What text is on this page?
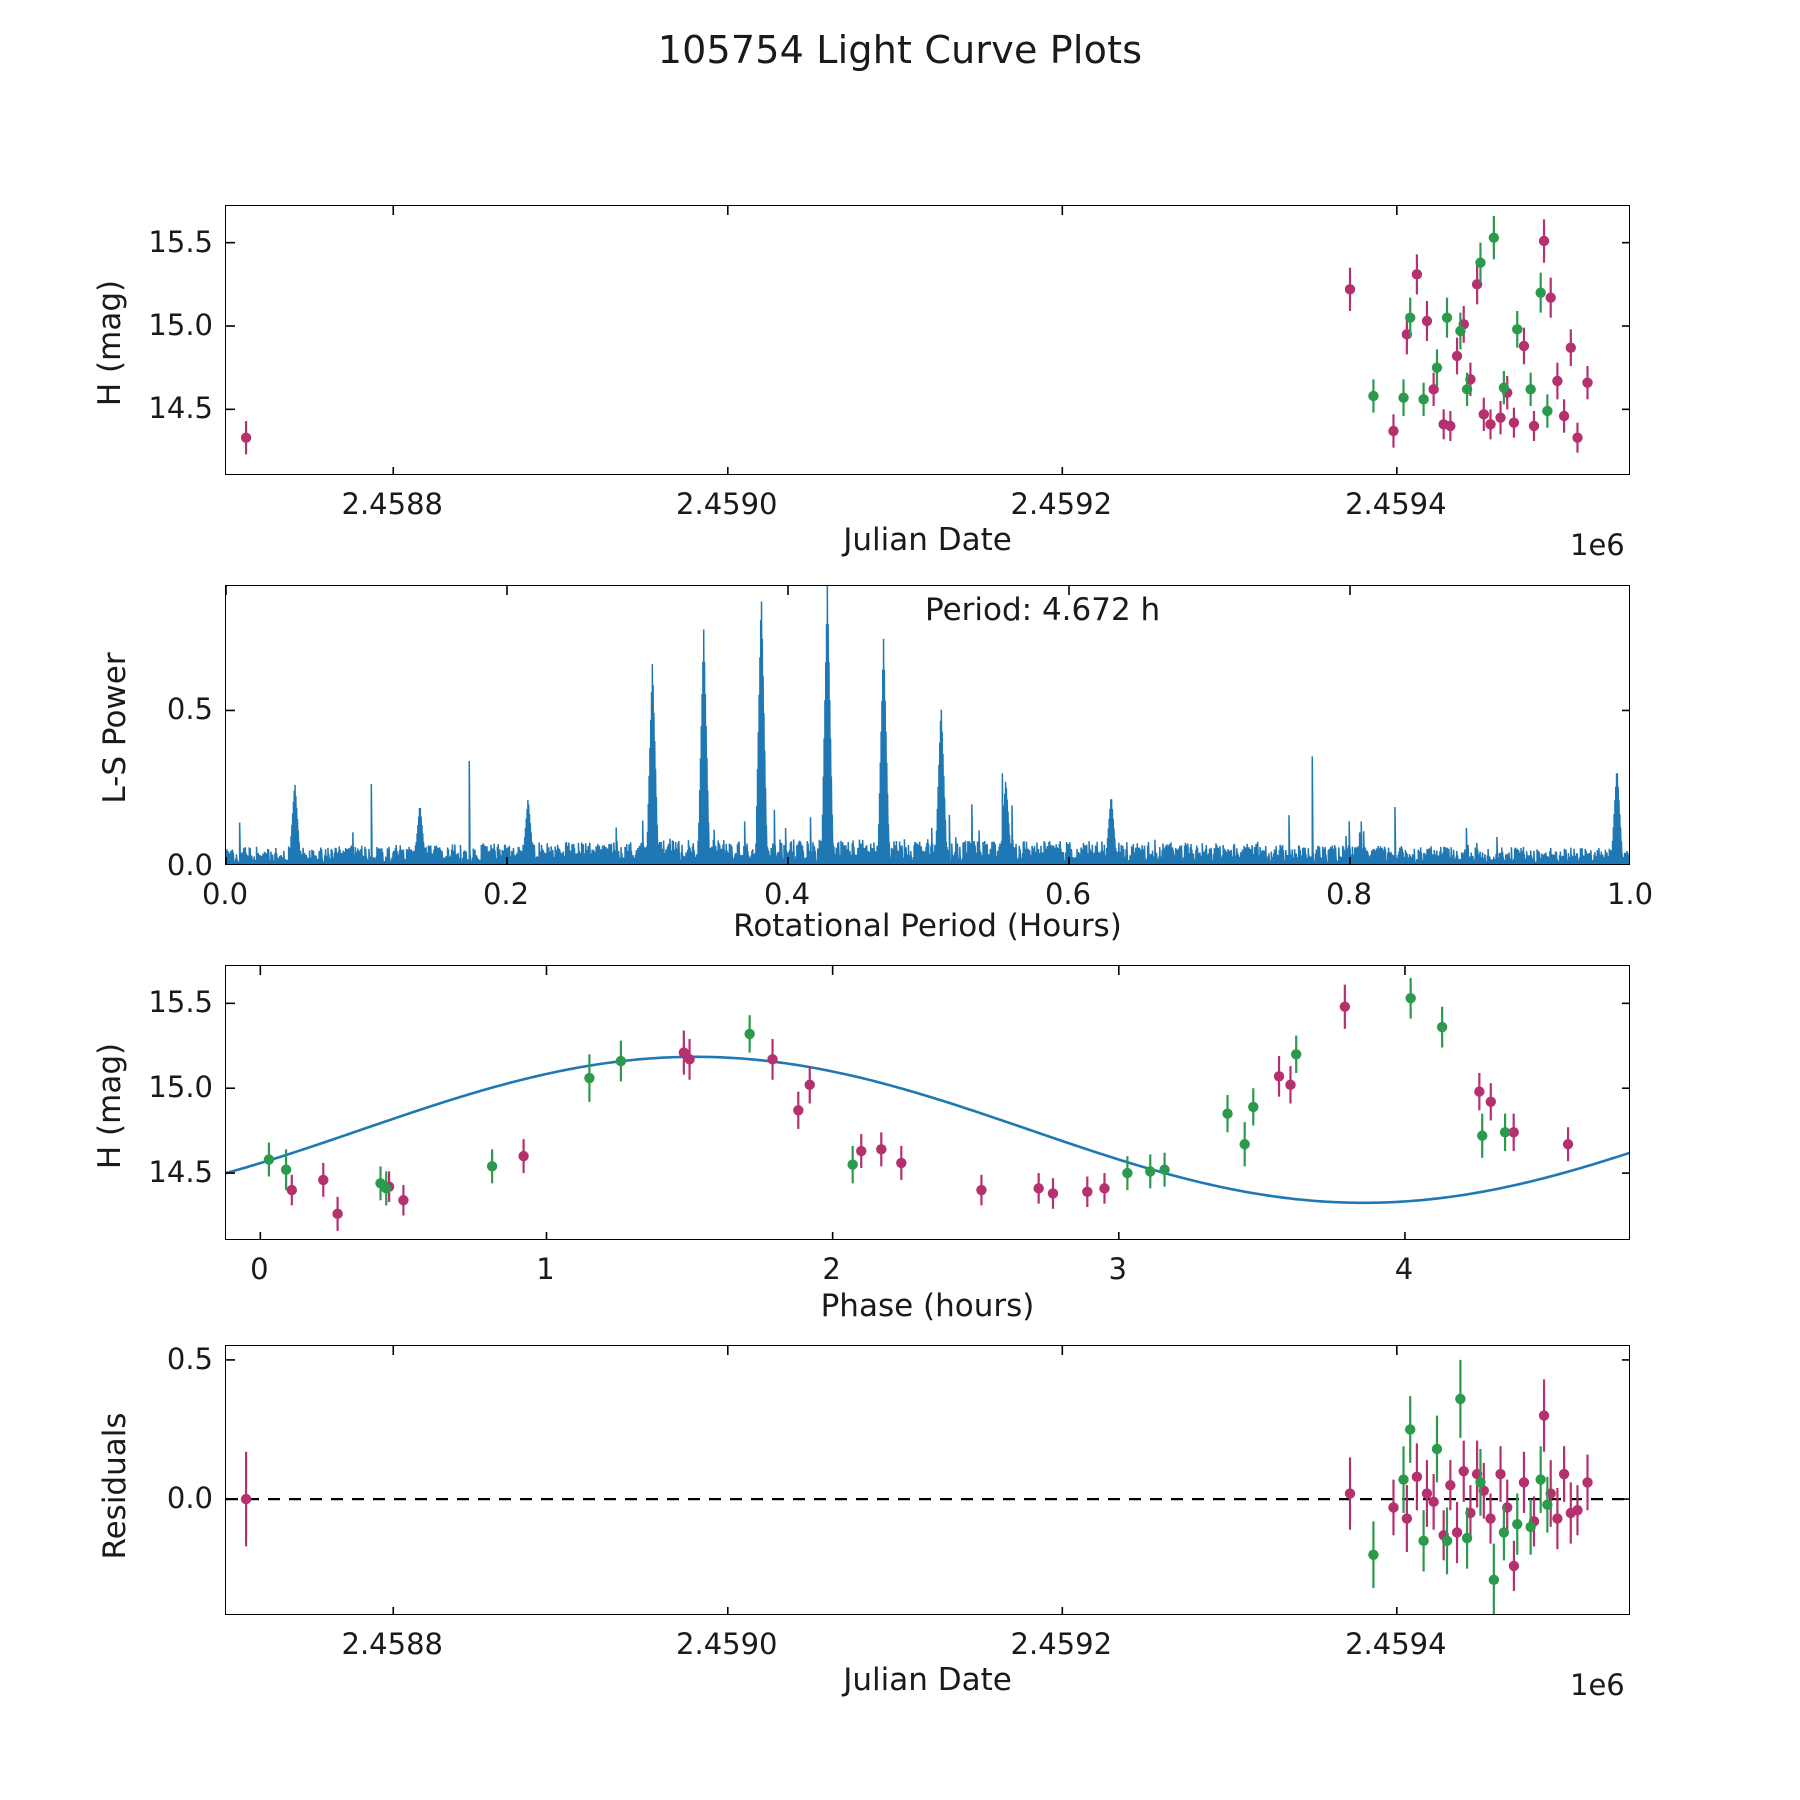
105754 Light Curve Plots
H (mag)
Julian Date	1e6
2.4588	2.4590	2.4592	2.4594
14.5
15.0
15.5
L-S Power
Rotational Period (Hours)
Period: 4.672 h
0.0	0.2	0.4	0.6	0.8	1.0
0.0
0.5
H (mag)
Phase (hours)
0	1	2	3	4
14.5
15.0
15.5
Residuals
Julian Date	1e6
2.4588	2.4590	2.4592	2.4594
0.0
0.5
